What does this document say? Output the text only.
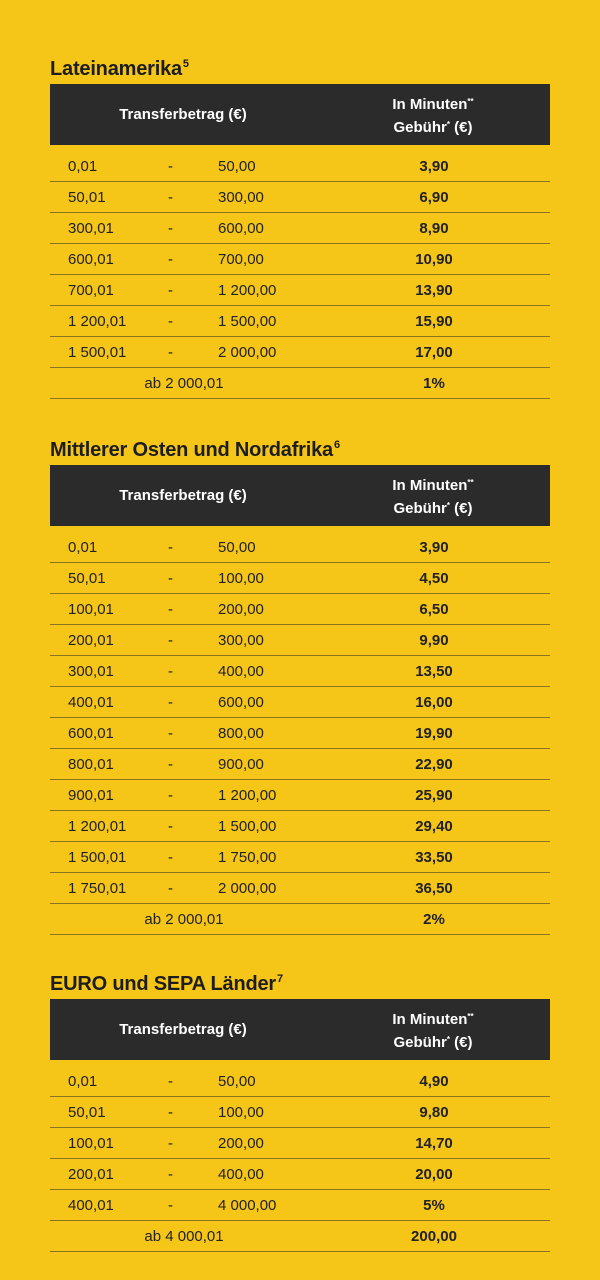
Lateinamerika$^5$
Transferbetrag (€)
In Minuten**
Gebühr* (€)
0,01	-	50,00	3,90
50,01	-	300,00	6,90
300,01	-	600,00	8,90
600,01	-	700,00	10,90
700,01	-	1 200,00	13,90
1 200,01	-	1 500,00	15,90
1 500,01	-	2 000,00	17,00
ab 2 000,01	1%
Mittlerer Osten und Nordafrika$^6$
Transferbetrag (€)
In Minuten**
Gebühr* (€)
0,01	-	50,00	3,90
50,01	-	100,00	4,50
100,01	-	200,00	6,50
200,01	-	300,00	9,90
300,01	-	400,00	13,50
400,01	-	600,00	16,00
600,01	-	800,00	19,90
800,01	-	900,00	22,90
900,01	-	1 200,00	25,90
1 200,01	-	1 500,00	29,40
1 500,01	-	1 750,00	33,50
1 750,01	-	2 000,00	36,50
ab 2 000,01	2%
EURO und SEPA Länder$^7$
Transferbetrag (€)
In Minuten**
Gebühr* (€)
0,01	-	50,00	4,90
50,01	-	100,00	9,80
100,01	-	200,00	14,70
200,01	-	400,00	20,00
400,01	-	4 000,00	5%
ab 4 000,01	200,00
